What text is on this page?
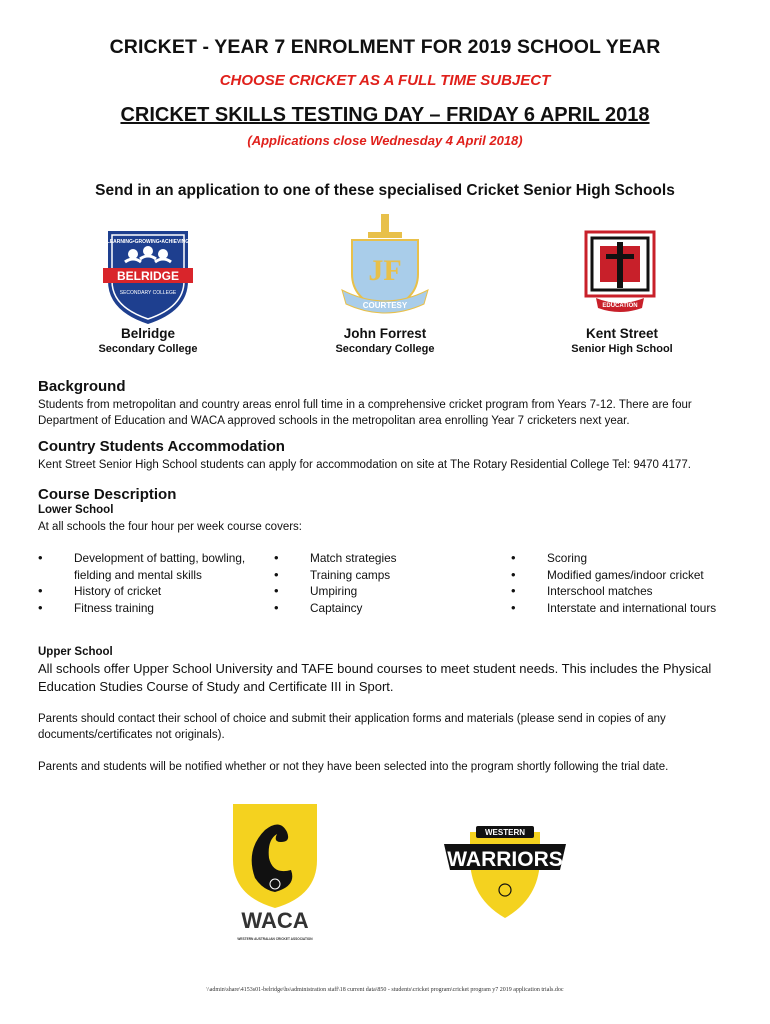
CRICKET - YEAR 7 ENROLMENT FOR 2019 SCHOOL YEAR
CHOOSE CRICKET AS A FULL TIME SUBJECT
CRICKET SKILLS TESTING DAY – FRIDAY 6 APRIL 2018
(Applications close Wednesday 4 April 2018)
Send in an application to one of these specialised Cricket Senior High Schools
LEARNING•GROWING•ACHIEVING
BELRIDGE
SECONDARY COLLEGE
JF
COURTESY	EDUCATION
Belridge
Secondary College
John Forrest
Secondary College
Kent Street
Senior High School
Background
Students from metropolitan and country areas enrol full time in a comprehensive cricket program from Years 7-12. There are four Department of Education and WACA approved schools in the metropolitan area enrolling Year 7 cricketers next year.
Country Students Accommodation
Kent Street Senior High School students can apply for accommodation on site at The Rotary Residential College Tel: 9470 4177.
Course Description
Lower School
At all schools the four hour per week course covers:
• Development of batting, bowling, fielding and mental skills
• History of cricket
• Fitness training
• Match strategies
• Training camps
• Umpiring
• Captaincy
• Scoring
• Modified games/indoor cricket
• Interschool matches
• Interstate and international tours
Upper School
All schools offer Upper School University and TAFE bound courses to meet student needs. This includes the Physical Education Studies Course of Study and Certificate III in Sport.
Parents should contact their school of choice and submit their application forms and materials (please send in copies of any documents/certificates not originals).
Parents and students will be notified whether or not they have been selected into the program shortly following the trial date.
WACA
WESTERN AUSTRALIAN CRICKET ASSOCIATION
WESTERN
WARRIORS
\\admin\share\4153s01-belridge\hs\administration staff\18 current data\850 - students\cricket program\cricket program y7 2019 application trials.doc
